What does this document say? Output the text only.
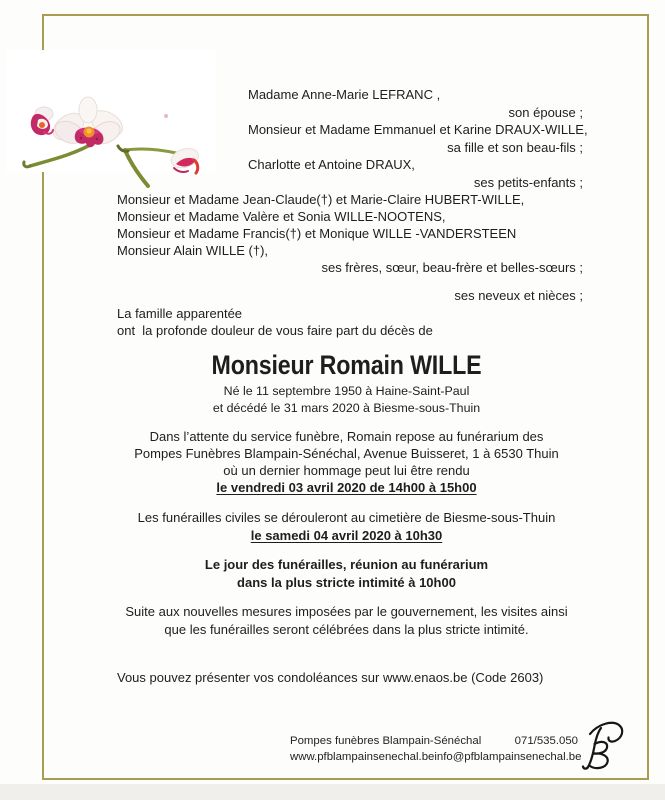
Madame Anne-Marie LEFRANC ,
son épouse ;
Monsieur et Madame Emmanuel et Karine DRAUX-WILLE,
sa fille et son beau-fils ;
Charlotte et Antoine DRAUX,
ses petits-enfants ;
Monsieur et Madame Jean-Claude(†) et Marie-Claire HUBERT-WILLE,
Monsieur et Madame Valère et Sonia WILLE-NOOTENS,
Monsieur et Madame Francis(†) et Monique WILLE -VANDERSTEEN
Monsieur Alain WILLE (†),
ses frères, sœur, beau-frère et belles-sœurs ;
ses neveux et nièces ;
La famille apparentée
ont  la profonde douleur de vous faire part du décès de
Monsieur Romain WILLE
Né le 11 septembre 1950 à Haine-Saint-Paul
et décédé le 31 mars 2020 à Biesme-sous-Thuin
Dans l’attente du service funèbre, Romain repose au funérarium des
Pompes Funèbres Blampain-Sénéchal, Avenue Buisseret, 1 à 6530 Thuin
où un dernier hommage peut lui être rendu
le vendredi 03 avril 2020 de 14h00 à 15h00
Les funérailles civiles se dérouleront au cimetière de Biesme-sous-Thuin
le samedi 04 avril 2020 à 10h30
Le jour des funérailles, réunion au funérarium
dans la plus stricte intimité à 10h00
Suite aux nouvelles mesures imposées par le gouvernement, les visites ainsi
que les funérailles seront célébrées dans la plus stricte intimité.
Vous pouvez présenter vos condoléances sur www.enaos.be (Code 2603)
Pompes funèbres Blampain-Sénéchal	071/535.050
www.pfblampainsenechal.be info@pfblampainsenechal.be
